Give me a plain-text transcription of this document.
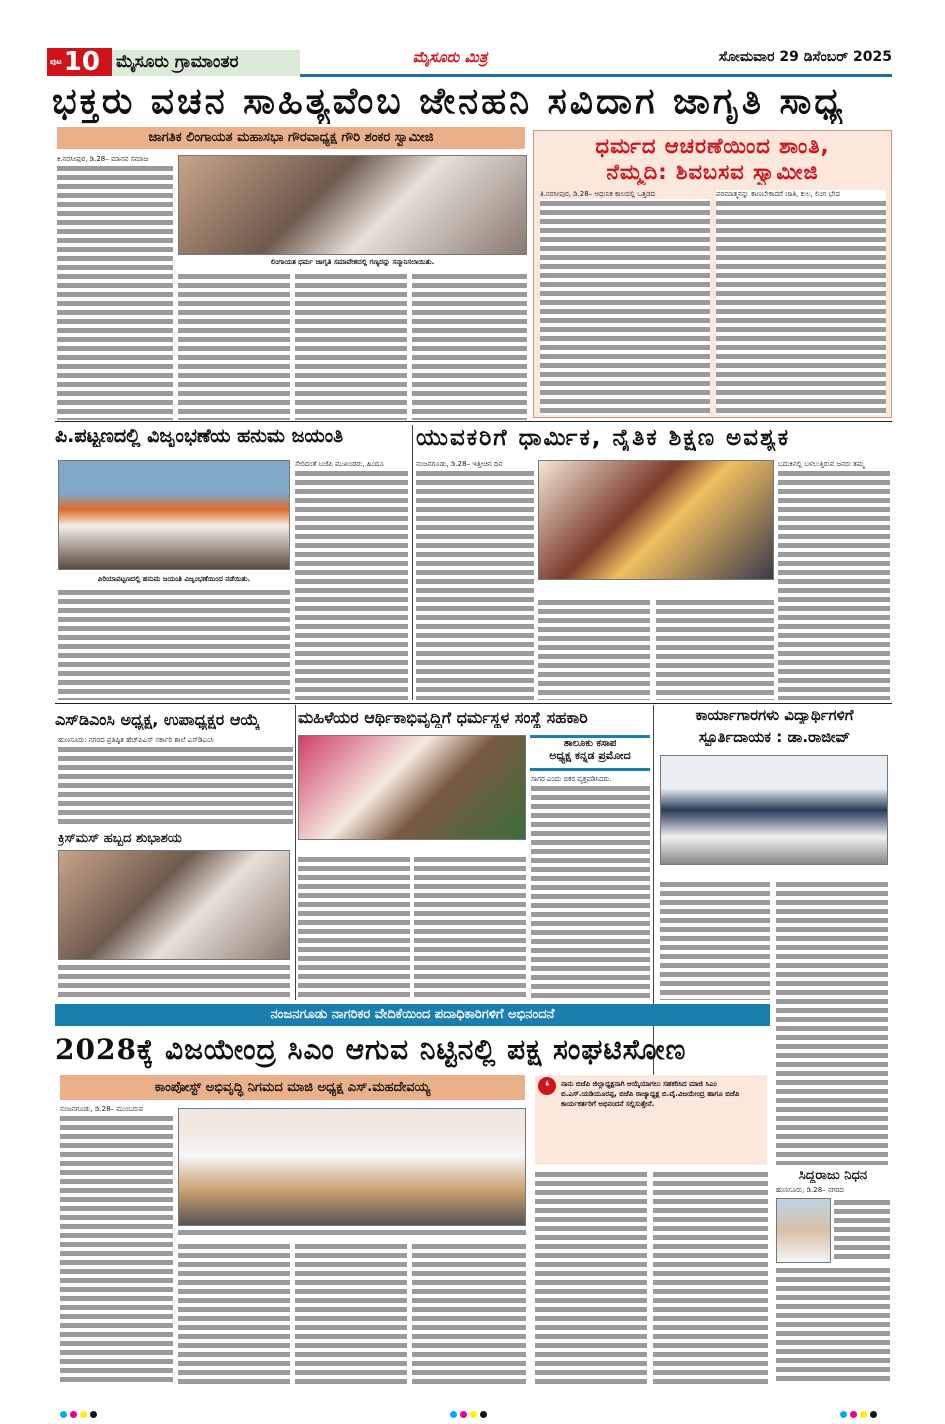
ಪುಟ 10 ಮೈಸೂರು ಗ್ರಾಮಾಂತರ	ಮೈಸೂರು ಮಿತ್ರ	ಸೋಮವಾರ 29 ಡಿಸೆಂಬರ್ 2025
ಭಕ್ತರು ವಚನ ಸಾಹಿತ್ಯವೆಂಬ ಜೇನಹನಿ ಸವಿದಾಗ ಜಾಗೃತಿ ಸಾಧ್ಯ
ಜಾಗತಿಕ ಲಿಂಗಾಯತ ಮಹಾಸಭಾ ಗೌರವಾಧ್ಯಕ್ಷ ಗೌರಿ ಶಂಕರ ಸ್ವಾಮೀಜಿ
ಕಿ.ನರಸೀಪುರ, ಡಿ.28– ಮಾನವ ಸಮಾಜ
ಲಿಂಗಾಯತ ಧರ್ಮ ಜಾಗೃತಿ ಸಮಾವೇಶದಲ್ಲಿ ಗಣ್ಯರನ್ನು ಸನ್ಮಾನಿಸಲಾಯಿತು.
ಧರ್ಮದ ಆಚರಣೆಯಿಂದ ಶಾಂತಿ,
ನೆಮ್ಮದಿ: ಶಿವಬಸವ ಸ್ವಾಮೀಜಿ
ತಿ.ನರಸೀಪುರ, ಡಿ.28– ಆಧುನಿಕ ಕಾಲದಲ್ಲಿ ಒತ್ತಡದ	ಪರಮಾತ್ಮನನ್ನು ಕಾಣಬೇಕಾದರೆ ಜಾತಿ, ಕುಲ, ಲಿಂಗ ಭೇದ
ಪಿ.ಪಟ್ಟಣದಲ್ಲಿ ವಿಜೃಂಭಣೆಯ ಹನುಮ ಜಯಂತಿ
ಪಿರಿಯಾಪಟ್ಟಣದಲ್ಲಿ ಹನುಮ ಜಯಂತಿ ವಿಜೃಂಭಣೆಯಿಂದ ನಡೆಯಿತು.
ಸೇರಿದಂತೆ ಬಜೆಪಿ ಮುಖಂಡರು, ಹಿಂದೂ
ಯುವಕರಿಗೆ ಧಾರ್ಮಿಕ, ನೈತಿಕ ಶಿಕ್ಷಣ ಅವಶ್ಯಕ
ನಂಜನಗೂಡು, ಡಿ.28– ಇತ್ತೀಚಿನ ದಿನ	ಬದುಕಿನಲ್ಲಿ ಬಳಲುತ್ತಿರುವ ಜನರು ತಮ್ಮ
ಎಸ್‌ಡಿಎಂಸಿ ಅಧ್ಯಕ್ಷ, ಉಪಾಧ್ಯಕ್ಷರ ಆಯ್ಕೆ
ಹುಣಸೂರು: ನಗರದ ಪ್ರತಿಷ್ಠಿತ ಹೆಚ್‌ಪಿಎಸ್ ಸರ್ಕಾರಿ ಶಾಲೆ ಎಸ್‌ಡಿಎಂಸಿ
ಕ್ರಿಸ್‌ಮಸ್ ಹಬ್ಬದ ಶುಭಾಶಯ
ಮಹಿಳೆಯರ ಆರ್ಥಿಕಾಭಿವೃದ್ಧಿಗೆ ಧರ್ಮಸ್ಥಳ ಸಂಸ್ಥೆ ಸಹಕಾರಿ
ತಾಲೂಕು ಕಸಾಪ
ಅಧ್ಯಕ್ಷ ಕನ್ನಡ ಪ್ರಮೋದ
ಸಾಗರ ಎಂದು ಬಿಕರ ವ್ಯಕ್ತಪಡಿಸಿದರು.
ಕಾರ್ಯಾಗಾರಗಳು ವಿದ್ಯಾರ್ಥಿಗಳಿಗೆ
ಸ್ಫೂರ್ತಿದಾಯಕ : ಡಾ.ರಾಜೀವ್
ನಂಜನಗೂಡು ನಾಗರಿಕರ ವೇದಿಕೆಯಿಂದ ಪದಾಧಿಕಾರಿಗಳಿಗೆ ಅಭಿನಂದನೆ
2028ಕ್ಕೆ ವಿಜಯೇಂದ್ರ ಸಿಎಂ ಆಗುವ ನಿಟ್ಟಿನಲ್ಲಿ ಪಕ್ಷ ಸಂಘಟಿಸೋಣ
ಕಾಂಪೋಸ್ಟ್ ಅಭಿವೃದ್ಧಿ ನಿಗಮದ ಮಾಜಿ ಅಧ್ಯಕ್ಷ ಎಸ್.ಮಹದೇವಯ್ಯ	❛	ನಾನು ಬಿಜೆಪಿ ಜಿಲ್ಲಾಧ್ಯಕ್ಷನಾಗಿ ಆಯ್ಕೆಯಾಗಲು ಸಹಕರಿಸಿದ ಮಾಜಿ ಸಿಎಂ ಬಿ.ಎಸ್.ಯಡಿಯೂರಪ್ಪ, ಬಿಜೆಪಿ ರಾಜ್ಯಾಧ್ಯಕ್ಷ ಬಿ.ವೈ.ವಿಜಯೇಂದ್ರ ಹಾಗೂ ಬಿಜೆಪಿ ಕಾರ್ಯಕರ್ತರಿಗೆ ಅಭಿನಂದನೆ ಸಲ್ಲಿಸುತ್ತೇನೆ.
ನಂಜನಗೂಡು, ಡಿ.28– ಮುಂಬರುವ
ಸಿದ್ದರಾಜು ನಿಧನ
ಹುಣಸೂರು, ಡಿ.28– ನಗರದ
